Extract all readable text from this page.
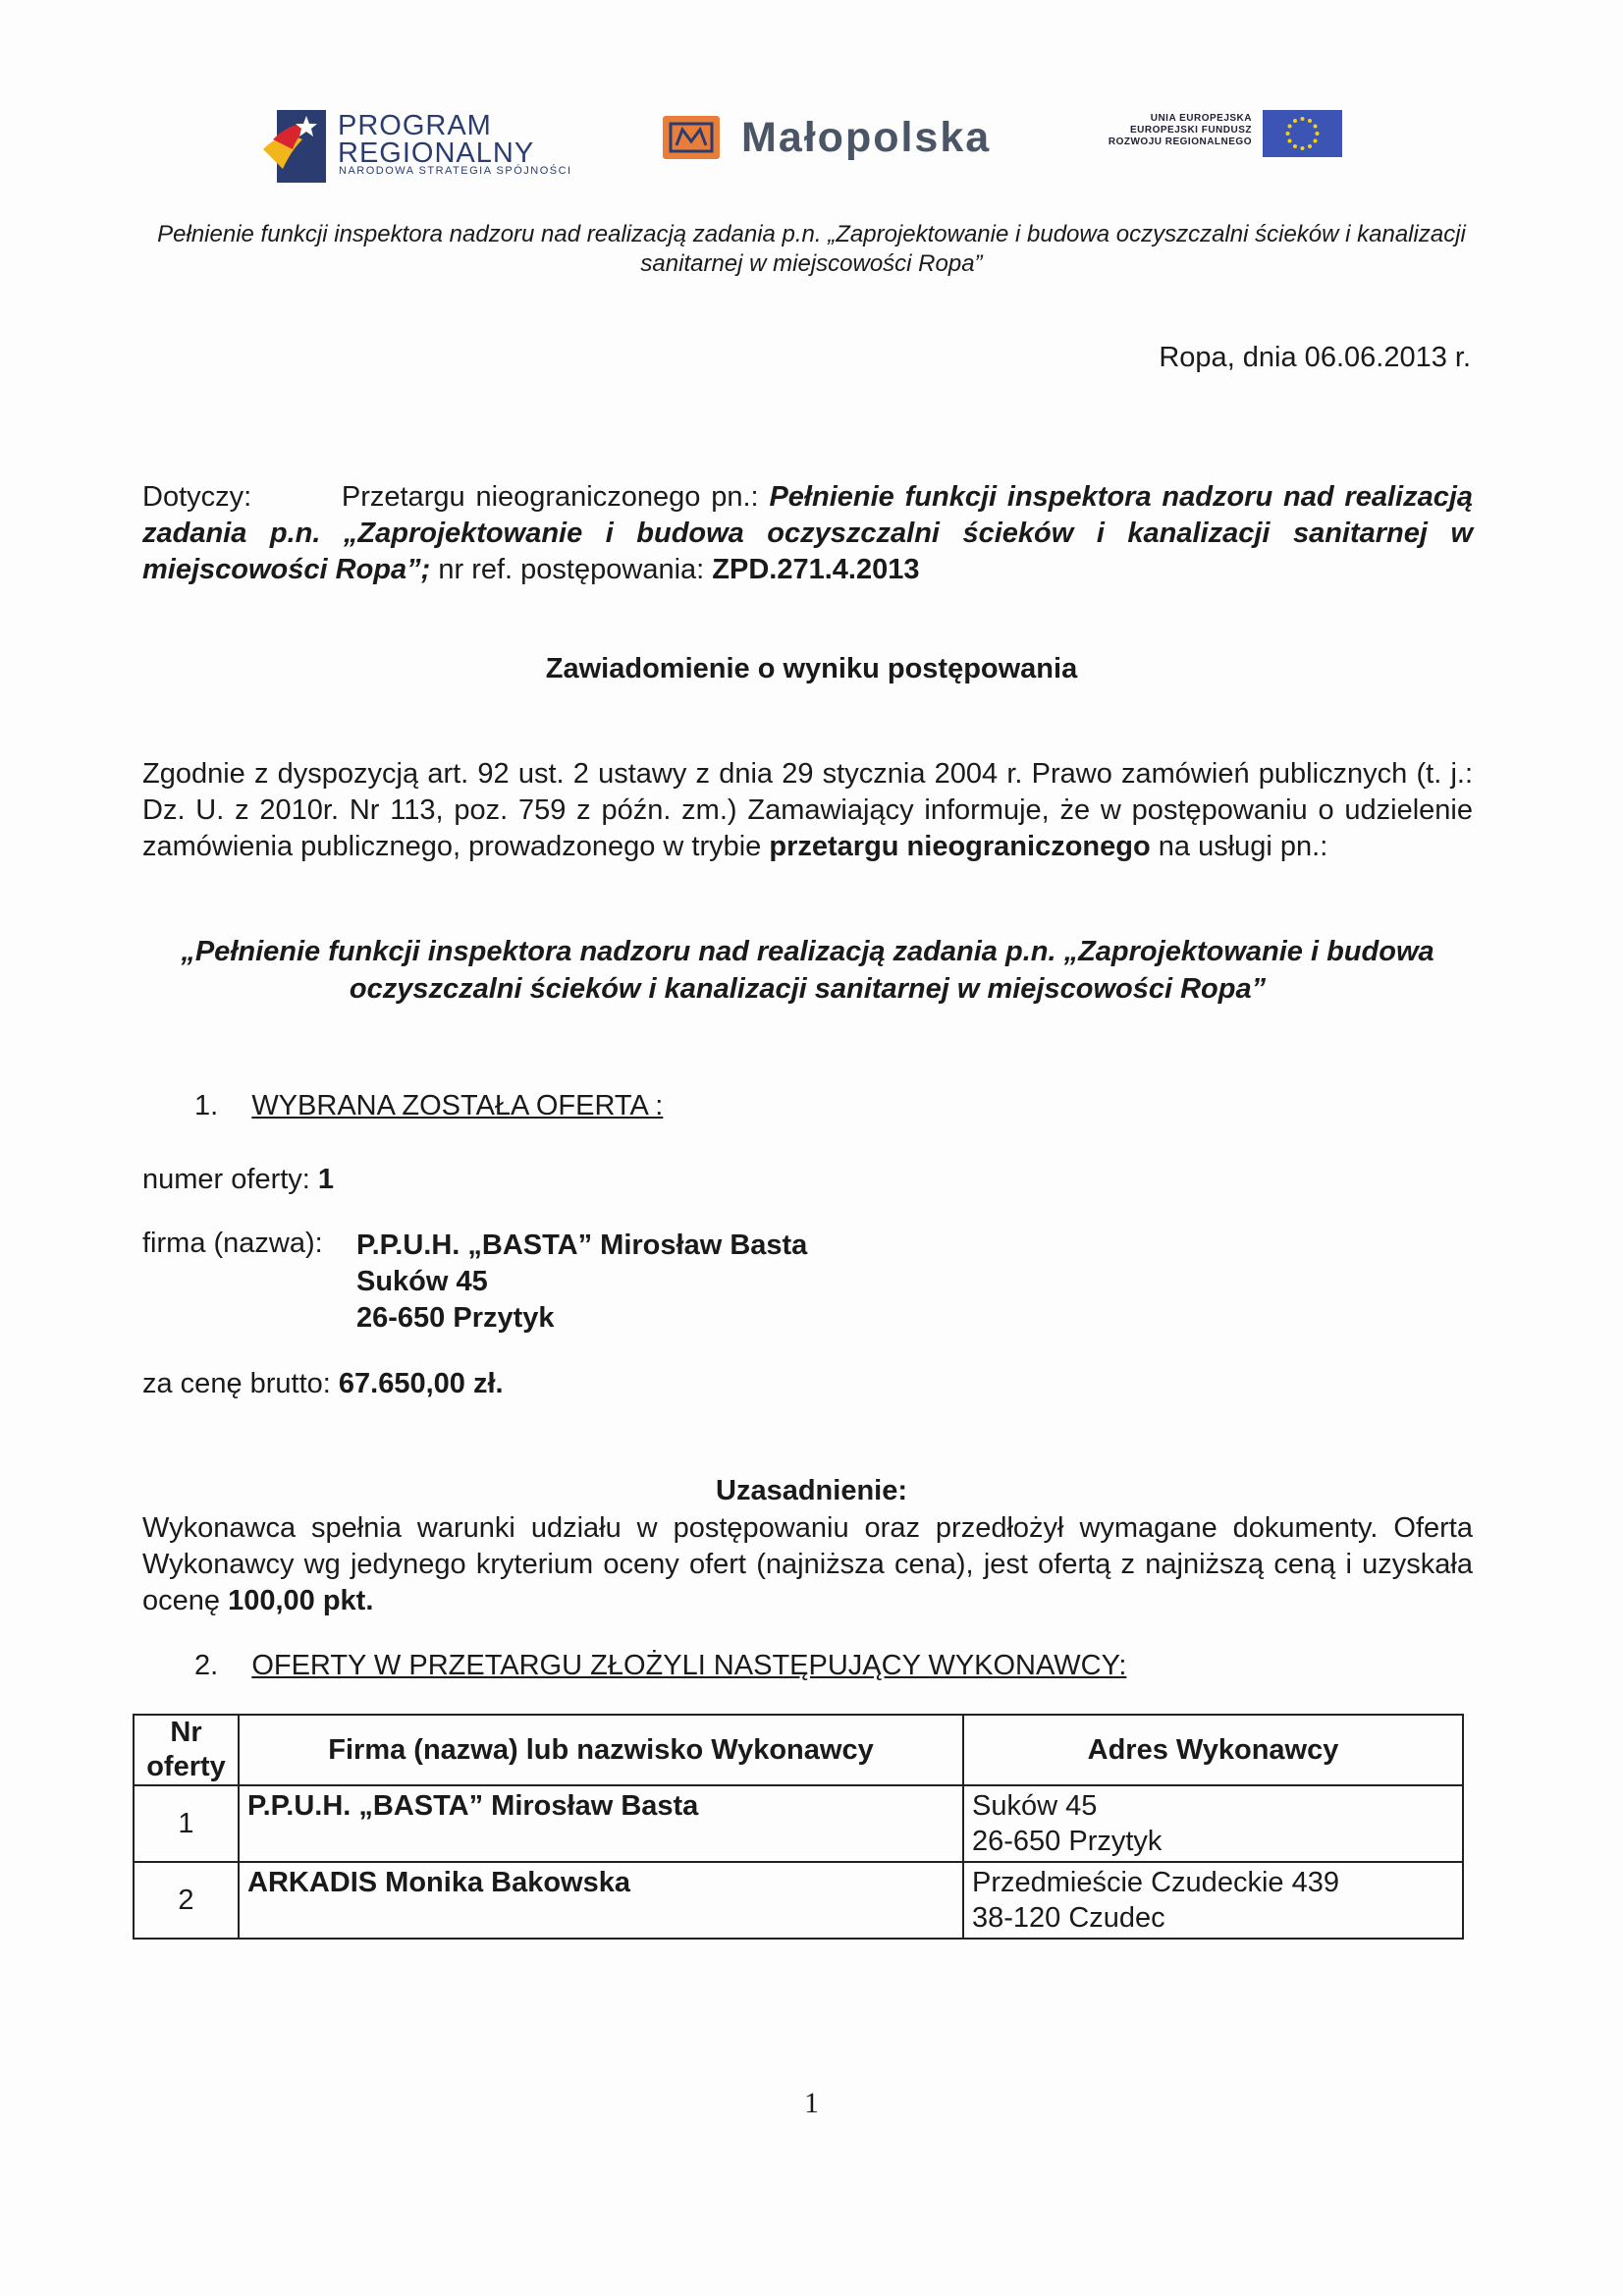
PROGRAM
REGIONALNY
NARODOWA STRATEGIA SPÓJNOŚCI
Małopolska	UNIA EUROPEJSKA
EUROPEJSKI FUNDUSZ
ROZWOJU REGIONALNEGO
Pełnienie funkcji inspektora nadzoru nad realizacją zadania p.n. „Zaprojektowanie i budowa oczyszczalni ścieków i kanalizacji sanitarnej w miejscowości Ropa”
Ropa, dnia 06.06.2013 r.
Dotyczy:	Przetargu nieograniczonego pn.: Pełnienie funkcji inspektora nadzoru nad realizacją zadania p.n. „Zaprojektowanie i budowa oczyszczalni ścieków i kanalizacji sanitarnej w miejscowości Ropa”; nr ref. postępowania: ZPD.271.4.2013
Zawiadomienie o wyniku postępowania
Zgodnie z dyspozycją art. 92 ust. 2 ustawy z dnia 29 stycznia 2004 r. Prawo zamówień publicznych (t. j.: Dz. U. z 2010r. Nr 113, poz. 759 z późn. zm.) Zamawiający informuje, że w postępowaniu o udzielenie zamówienia publicznego, prowadzonego w trybie przetargu nieograniczonego na usługi pn.:
„Pełnienie funkcji inspektora nadzoru nad realizacją zadania p.n. „Zaprojektowanie i budowa oczyszczalni ścieków i kanalizacji sanitarnej w miejscowości Ropa”
1. WYBRANA ZOSTAŁA OFERTA :
numer oferty: 1
firma (nazwa):	P.P.U.H. „BASTA” Mirosław Basta
Suków 45
26-650 Przytyk
za cenę brutto: 67.650,00 zł.
Uzasadnienie:
Wykonawca spełnia warunki udziału w postępowaniu oraz przedłożył wymagane dokumenty. Oferta Wykonawcy wg jedynego kryterium oceny ofert (najniższa cena), jest ofertą z najniższą ceną i uzyskała ocenę 100,00 pkt.
2. OFERTY W PRZETARGU ZŁOŻYLI NASTĘPUJĄCY WYKONAWCY:
Nr
oferty	Firma (nazwa) lub nazwisko Wykonawcy	Adres Wykonawcy
1	P.P.U.H. „BASTA” Mirosław Basta	Suków 45
26-650 Przytyk

2	ARKADIS Monika Bakowska	Przedmieście Czudeckie 439
38-120 Czudec
1
